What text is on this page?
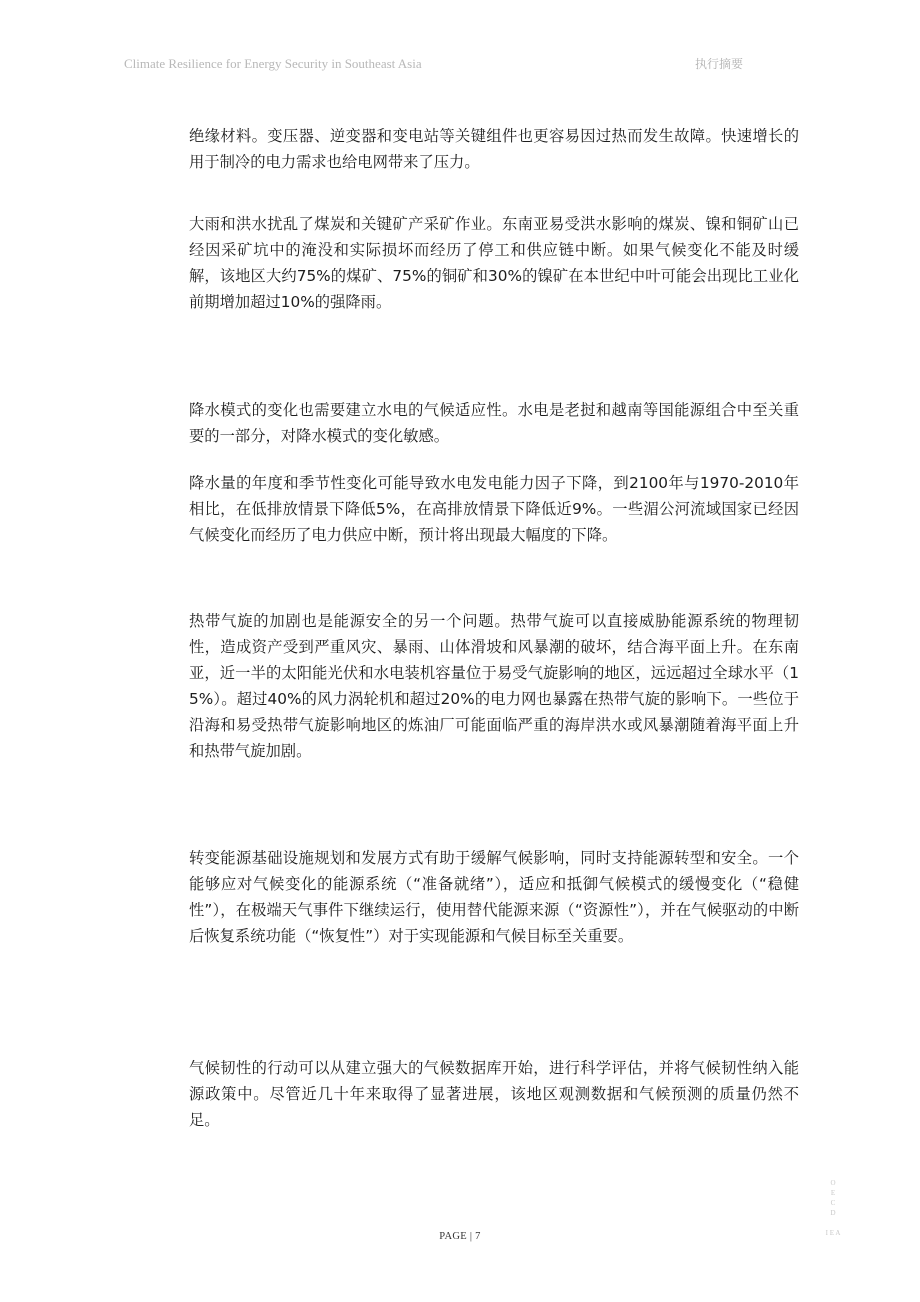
Climate Resilience for Energy Security in Southeast Asia	执行摘要

绝缘材料。变压器、逆变器和变电站等关键组件也更容易因过热而发生故障。快速增长的用于制冷的电力需求也给电网带来了压力。

大雨和洪水扰乱了煤炭和关键矿产采矿作业。东南亚易受洪水影响的煤炭、镍和铜矿山已经因采矿坑中的淹没和实际损坏而经历了停工和供应链中断。如果气候变化不能及时缓解，该地区大约75%的煤矿、75%的铜矿和30%的镍矿在本世纪中叶可能会出现比工业化前期增加超过10%的强降雨。

降水模式的变化也需要建立水电的气候适应性。水电是老挝和越南等国能源组合中至关重要的一部分，对降水模式的变化敏感。

降水量的年度和季节性变化可能导致水电发电能力因子下降，到2100年与1970-2010年相比，在低排放情景下降低5%，在高排放情景下降低近9%。一些湄公河流域国家已经因气候变化而经历了电力供应中断，预计将出现最大幅度的下降。

热带气旋的加剧也是能源安全的另一个问题。热带气旋可以直接威胁能源系统的物理韧性，造成资产受到严重风灾、暴雨、山体滑坡和风暴潮的破坏，结合海平面上升。在东南亚，近一半的太阳能光伏和水电装机容量位于易受气旋影响的地区，远远超过全球水平（15%）。超过40%的风力涡轮机和超过20%的电力网也暴露在热带气旋的影响下。一些位于沿海和易受热带气旋影响地区的炼油厂可能面临严重的海岸洪水或风暴潮随着海平面上升和热带气旋加剧。

转变能源基础设施规划和发展方式有助于缓解气候影响，同时支持能源转型和安全。一个能够应对气候变化的能源系统（“准备就绪”），适应和抵御气候模式的缓慢变化（“稳健性”），在极端天气事件下继续运行，使用替代能源来源（“资源性”），并在气候驱动的中断后恢复系统功能（“恢复性”）对于实现能源和气候目标至关重要。

气候韧性的行动可以从建立强大的气候数据库开始，进行科学评估，并将气候韧性纳入能源政策中。尽管近几十年来取得了显著进展，该地区观测数据和气候预测的质量仍然不足。

O
E
C
D

I E A
PAGE | 7
